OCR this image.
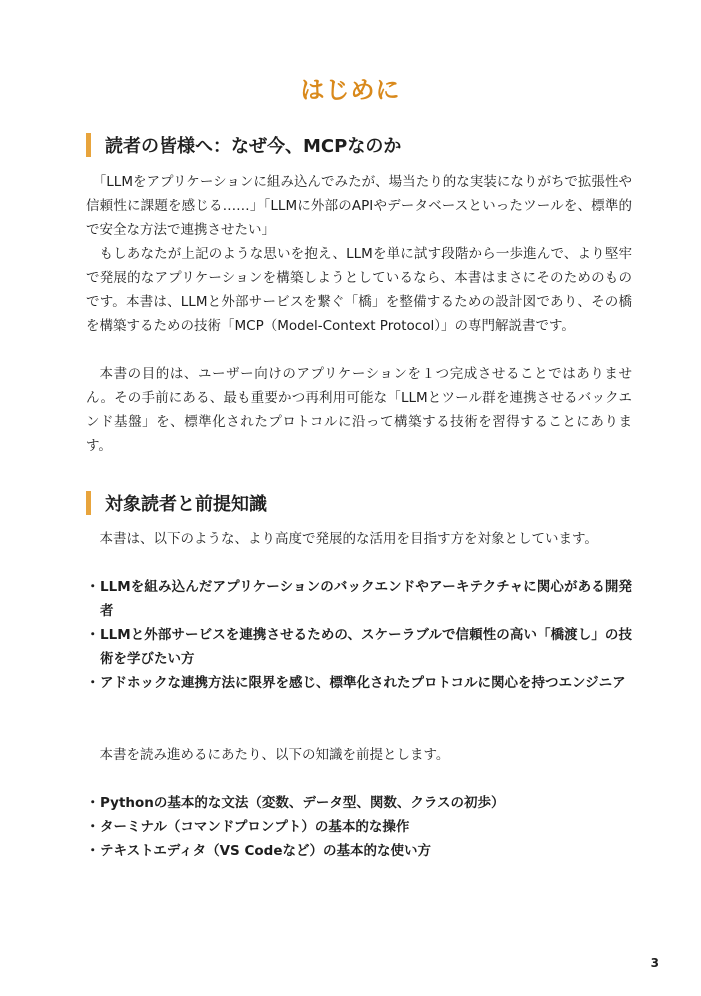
はじめに
読者の皆様へ：なぜ今、MCPなのか

「LLMをアプリケーションに組み込んでみたが、場当たり的な実装になりがちで拡張性や信頼性に課題を感じる……」「LLMに外部のAPIやデータベースといったツールを、標準的で安全な方法で連携させたい」

もしあなたが上記のような思いを抱え、LLMを単に試す段階から一歩進んで、より堅牢で発展的なアプリケーションを構築しようとしているなら、本書はまさにそのためのものです。本書は、LLMと外部サービスを繋ぐ「橋」を整備するための設計図であり、その橋を構築するための技術「MCP（Model-Context Protocol）」の専門解説書です。

本書の目的は、ユーザー向けのアプリケーションを１つ完成させることではありません。その手前にある、最も重要かつ再利用可能な「LLMとツール群を連携させるバックエンド基盤」を、標準化されたプロトコルに沿って構築する技術を習得することにあります。

対象読者と前提知識

本書は、以下のような、より高度で発展的な活用を目指す方を対象としています。

・ LLMを組み込んだアプリケーションのバックエンドやアーキテクチャに関心がある開発者
・ LLMと外部サービスを連携させるための、スケーラブルで信頼性の高い「橋渡し」の技術を学びたい方
・ アドホックな連携方法に限界を感じ、標準化されたプロトコルに関心を持つエンジニア

本書を読み進めるにあたり、以下の知識を前提とします。

・ Pythonの基本的な文法（変数、データ型、関数、クラスの初歩）
・ ターミナル（コマンドプロンプト）の基本的な操作
・ テキストエディタ（VS Codeなど）の基本的な使い方
3
